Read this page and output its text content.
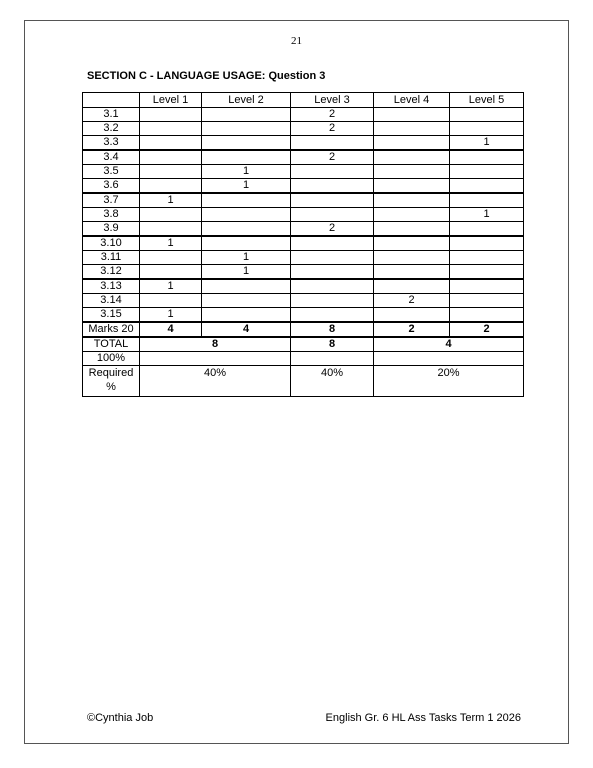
21
SECTION C - LANGUAGE USAGE: Question 3
	Level 1	Level 2	Level 3	Level 4	Level 5
3.1			2		
3.2			2		
3.3					1
3.4			2		
3.5		1			
3.6		1			
3.7	1				
3.8					1
3.9			2		
3.10	1				
3.11		1			
3.12		1			
3.13	1				
3.14				2	
3.15	1				
Marks 20	4	4	8	2	2
TOTAL	8		8	4	
100%					
Required %	40%		40%	20%	
©Cynthia Job	English Gr. 6 HL Ass Tasks Term 1 2026
